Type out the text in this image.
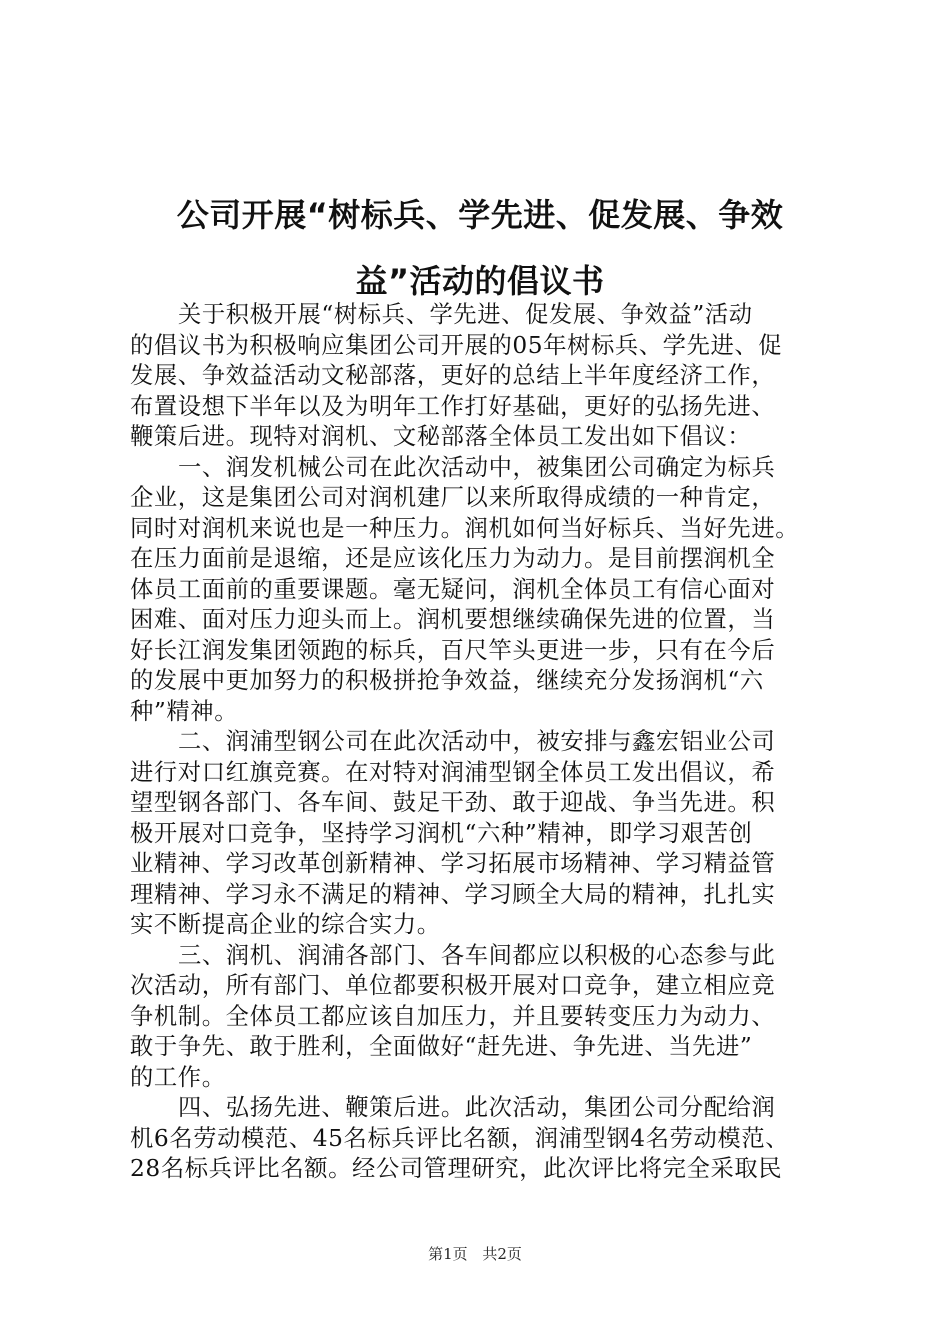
公司开展“树标兵、学先进、促发展、争效
益”活动的倡议书

关于积极开展“树标兵、学先进、促发展、争效益”活动
的倡议书为积极响应集团公司开展的05年树标兵、学先进、促
发展、争效益活动文秘部落，更好的总结上半年度经济工作，
布置设想下半年以及为明年工作打好基础，更好的弘扬先进、
鞭策后进。现特对润机、文秘部落全体员工发出如下倡议：

一、润发机械公司在此次活动中，被集团公司确定为标兵
企业，这是集团公司对润机建厂以来所取得成绩的一种肯定，
同时对润机来说也是一种压力。润机如何当好标兵、当好先进。
在压力面前是退缩，还是应该化压力为动力。是目前摆润机全
体员工面前的重要课题。毫无疑问，润机全体员工有信心面对
困难、面对压力迎头而上。润机要想继续确保先进的位置，当
好长江润发集团领跑的标兵，百尺竿头更进一步，只有在今后
的发展中更加努力的积极拼抢争效益，继续充分发扬润机“六
种”精神。

二、润浦型钢公司在此次活动中，被安排与鑫宏铝业公司
进行对口红旗竞赛。在对特对润浦型钢全体员工发出倡议，希
望型钢各部门、各车间、鼓足干劲、敢于迎战、争当先进。积
极开展对口竞争，坚持学习润机“六种”精神，即学习艰苦创
业精神、学习改革创新精神、学习拓展市场精神、学习精益管
理精神、学习永不满足的精神、学习顾全大局的精神，扎扎实
实不断提高企业的综合实力。

三、润机、润浦各部门、各车间都应以积极的心态参与此
次活动，所有部门、单位都要积极开展对口竞争，建立相应竞
争机制。全体员工都应该自加压力，并且要转变压力为动力、
敢于争先、敢于胜利，全面做好“赶先进、争先进、当先进”
的工作。

四、弘扬先进、鞭策后进。此次活动，集团公司分配给润
机6名劳动模范、45名标兵评比名额，润浦型钢4名劳动模范、
28名标兵评比名额。经公司管理研究，此次评比将完全采取民

第1页 共2页
